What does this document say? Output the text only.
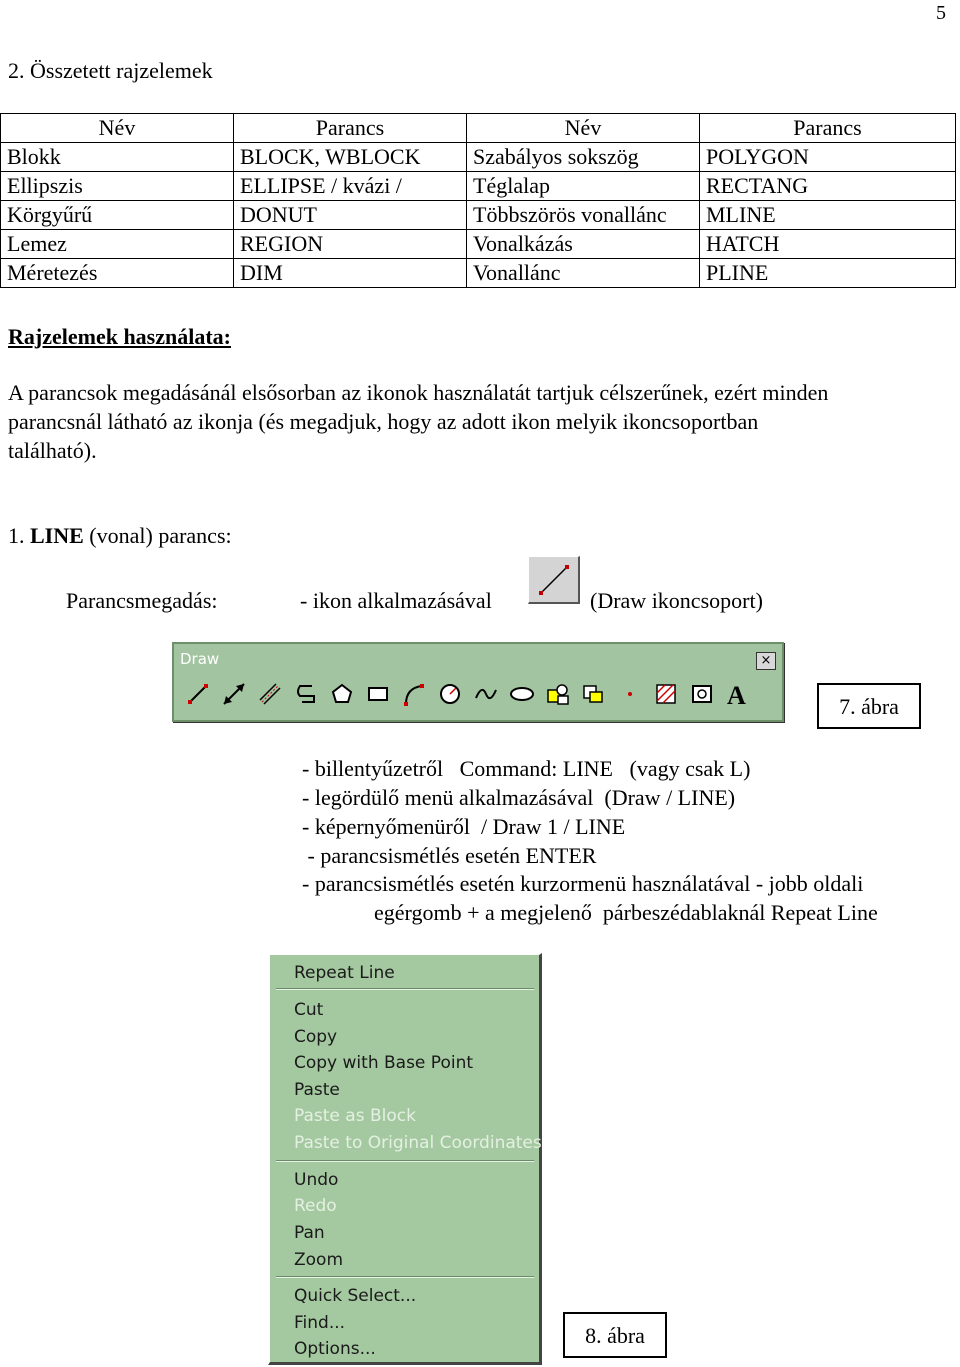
5
2. Összetett rajzelemek
Név	Parancs	Név	Parancs
Blokk	BLOCK, WBLOCK	Szabályos sokszög	POLYGON
Ellipszis	ELLIPSE / kvázi /	Téglalap	RECTANG
Körgyűrű	DONUT	Többszörös vonallánc	MLINE
Lemez	REGION	Vonalkázás	HATCH
Méretezés	DIM	Vonallánc	PLINE
Rajzelemek használata:
A parancsok megadásánál elsősorban az ikonok használatát tartjuk célszerűnek, ezért minden
parancsnál látható az ikonja (és megadjuk, hogy az adott ikon melyik ikoncsoportban
található).
1. LINE (vonal) parancs:
Parancsmegadás:	- ikon alkalmazásával	(Draw ikoncsoport)
Draw	×
A	7. ábra
- billentyűzetről   Command: LINE   (vagy csak L)
- legördülő menü alkalmazásával  (Draw / LINE)
- képernyőmenüről  / Draw 1 / LINE
- parancsismétlés esetén ENTER
- parancsismétlés esetén kurzormenü használatával - jobb oldali
egérgomb + a megjelenő  párbeszédablaknál Repeat Line
Repeat Line
Cut
Copy
Copy with Base Point
Paste
Paste as Block
Paste to Original Coordinates
Undo
Redo
Pan
Zoom
Quick Select...
Find...
Options...
8. ábra
